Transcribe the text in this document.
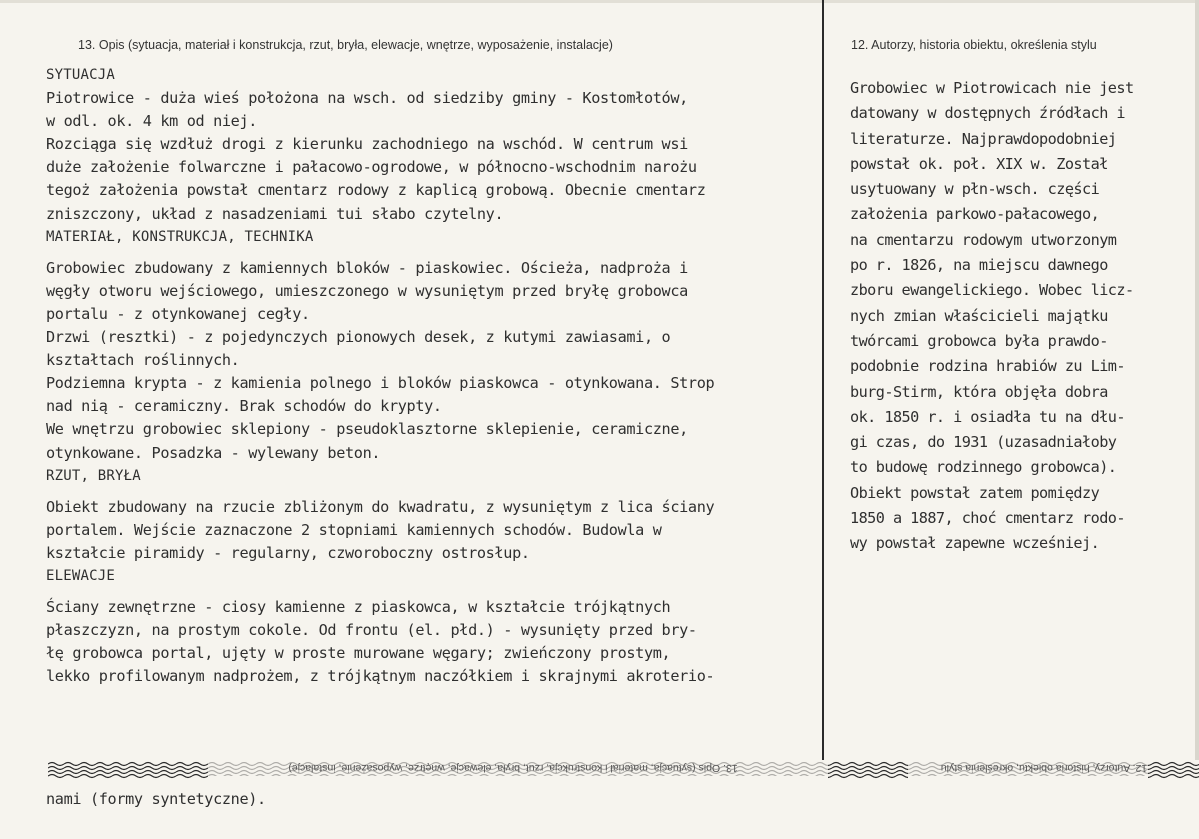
13. Opis (sytuacja, materiał i konstrukcja, rzut, bryła, elewacje, wnętrze, wyposażenie, instalacje)	12. Autorzy, historia obiektu, określenia stylu
SYTUACJA
Piotrowice - duża wieś położona na wsch. od siedziby gminy - Kostomłotów,
w odl. ok. 4 km od niej.
Rozciąga się wzdłuż drogi z kierunku zachodniego na wschód. W centrum wsi
duże założenie folwarczne i pałacowo-ogrodowe, w północno-wschodnim narożu
tegoż założenia powstał cmentarz rodowy z kaplicą grobową. Obecnie cmentarz
zniszczony, układ z nasadzeniami tui słabo czytelny.
MATERIAŁ, KONSTRUKCJA, TECHNIKA
Grobowiec zbudowany z kamiennych bloków - piaskowiec. Ościeża, nadproża i
węgły otworu wejściowego, umieszczonego w wysuniętym przed bryłę grobowca
portalu - z otynkowanej cegły.
Drzwi (resztki) - z pojedynczych pionowych desek, z kutymi zawiasami, o
kształtach roślinnych.
Podziemna krypta - z kamienia polnego i bloków piaskowca - otynkowana. Strop
nad nią - ceramiczny. Brak schodów do krypty.
We wnętrzu grobowiec sklepiony - pseudoklasztorne sklepienie, ceramiczne,
otynkowane. Posadzka - wylewany beton.
RZUT, BRYŁA
Obiekt zbudowany na rzucie zbliżonym do kwadratu, z wysuniętym z lica ściany
portalem. Wejście zaznaczone 2 stopniami kamiennych schodów. Budowla w
kształcie piramidy - regularny, czworoboczny ostrosłup.
ELEWACJE
Ściany zewnętrzne - ciosy kamienne z piaskowca, w kształcie trójkątnych
płaszczyzn, na prostym cokole. Od frontu (el. płd.) - wysunięty przed bry-
łę grobowca portal, ujęty w proste murowane węgary; zwieńczony prostym,
lekko profilowanym nadprożem, z trójkątnym naczółkiem i skrajnymi akroterio-
Grobowiec w Piotrowicach nie jest
datowany w dostępnych źródłach i
literaturze. Najprawdopodobniej
powstał ok. poł. XIX w. Został
usytuowany w płn-wsch. części
założenia parkowo-pałacowego,
na cmentarzu rodowym utworzonym
po r. 1826, na miejscu dawnego
zboru ewangelickiego. Wobec licz-
nych zmian właścicieli majątku
twórcami grobowca była prawdo-
podobnie rodzina hrabiów zu Lim-
burg-Stirm, która objęła dobra
ok. 1850 r. i osiadła tu na dłu-
gi czas, do 1931 (uzasadniałoby
to budowę rodzinnego grobowca).
Obiekt powstał zatem pomiędzy
1850 a 1887, choć cmentarz rodo-
wy powstał zapewne wcześniej.
13. Opis (sytuacja, materiał i konstrukcja, rzut, bryła, elewacje, wnętrze, wyposażenie, instalacje)	12. Autorzy, historia obiektu, określenia stylu
nami (formy syntetyczne).
